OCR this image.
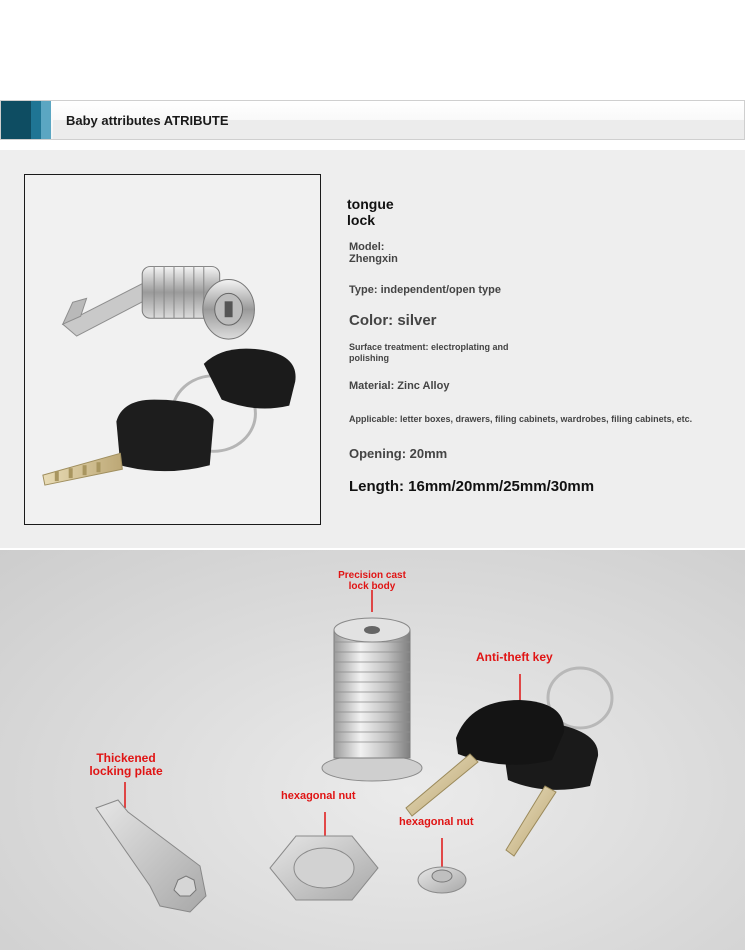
Baby attributes ATRIBUTE
tongue lock
Model: Zhengxin
Type: independent/open type
Color: silver
Surface treatment: electroplating and polishing
Material: Zinc Alloy
Applicable: letter boxes, drawers, filing cabinets, wardrobes, filing cabinets, etc.
Opening: 20mm
Length: 16mm/20mm/25mm/30mm
Precision cast lock body
Anti-theft key
Thickened locking plate
hexagonal nut
hexagonal nut
